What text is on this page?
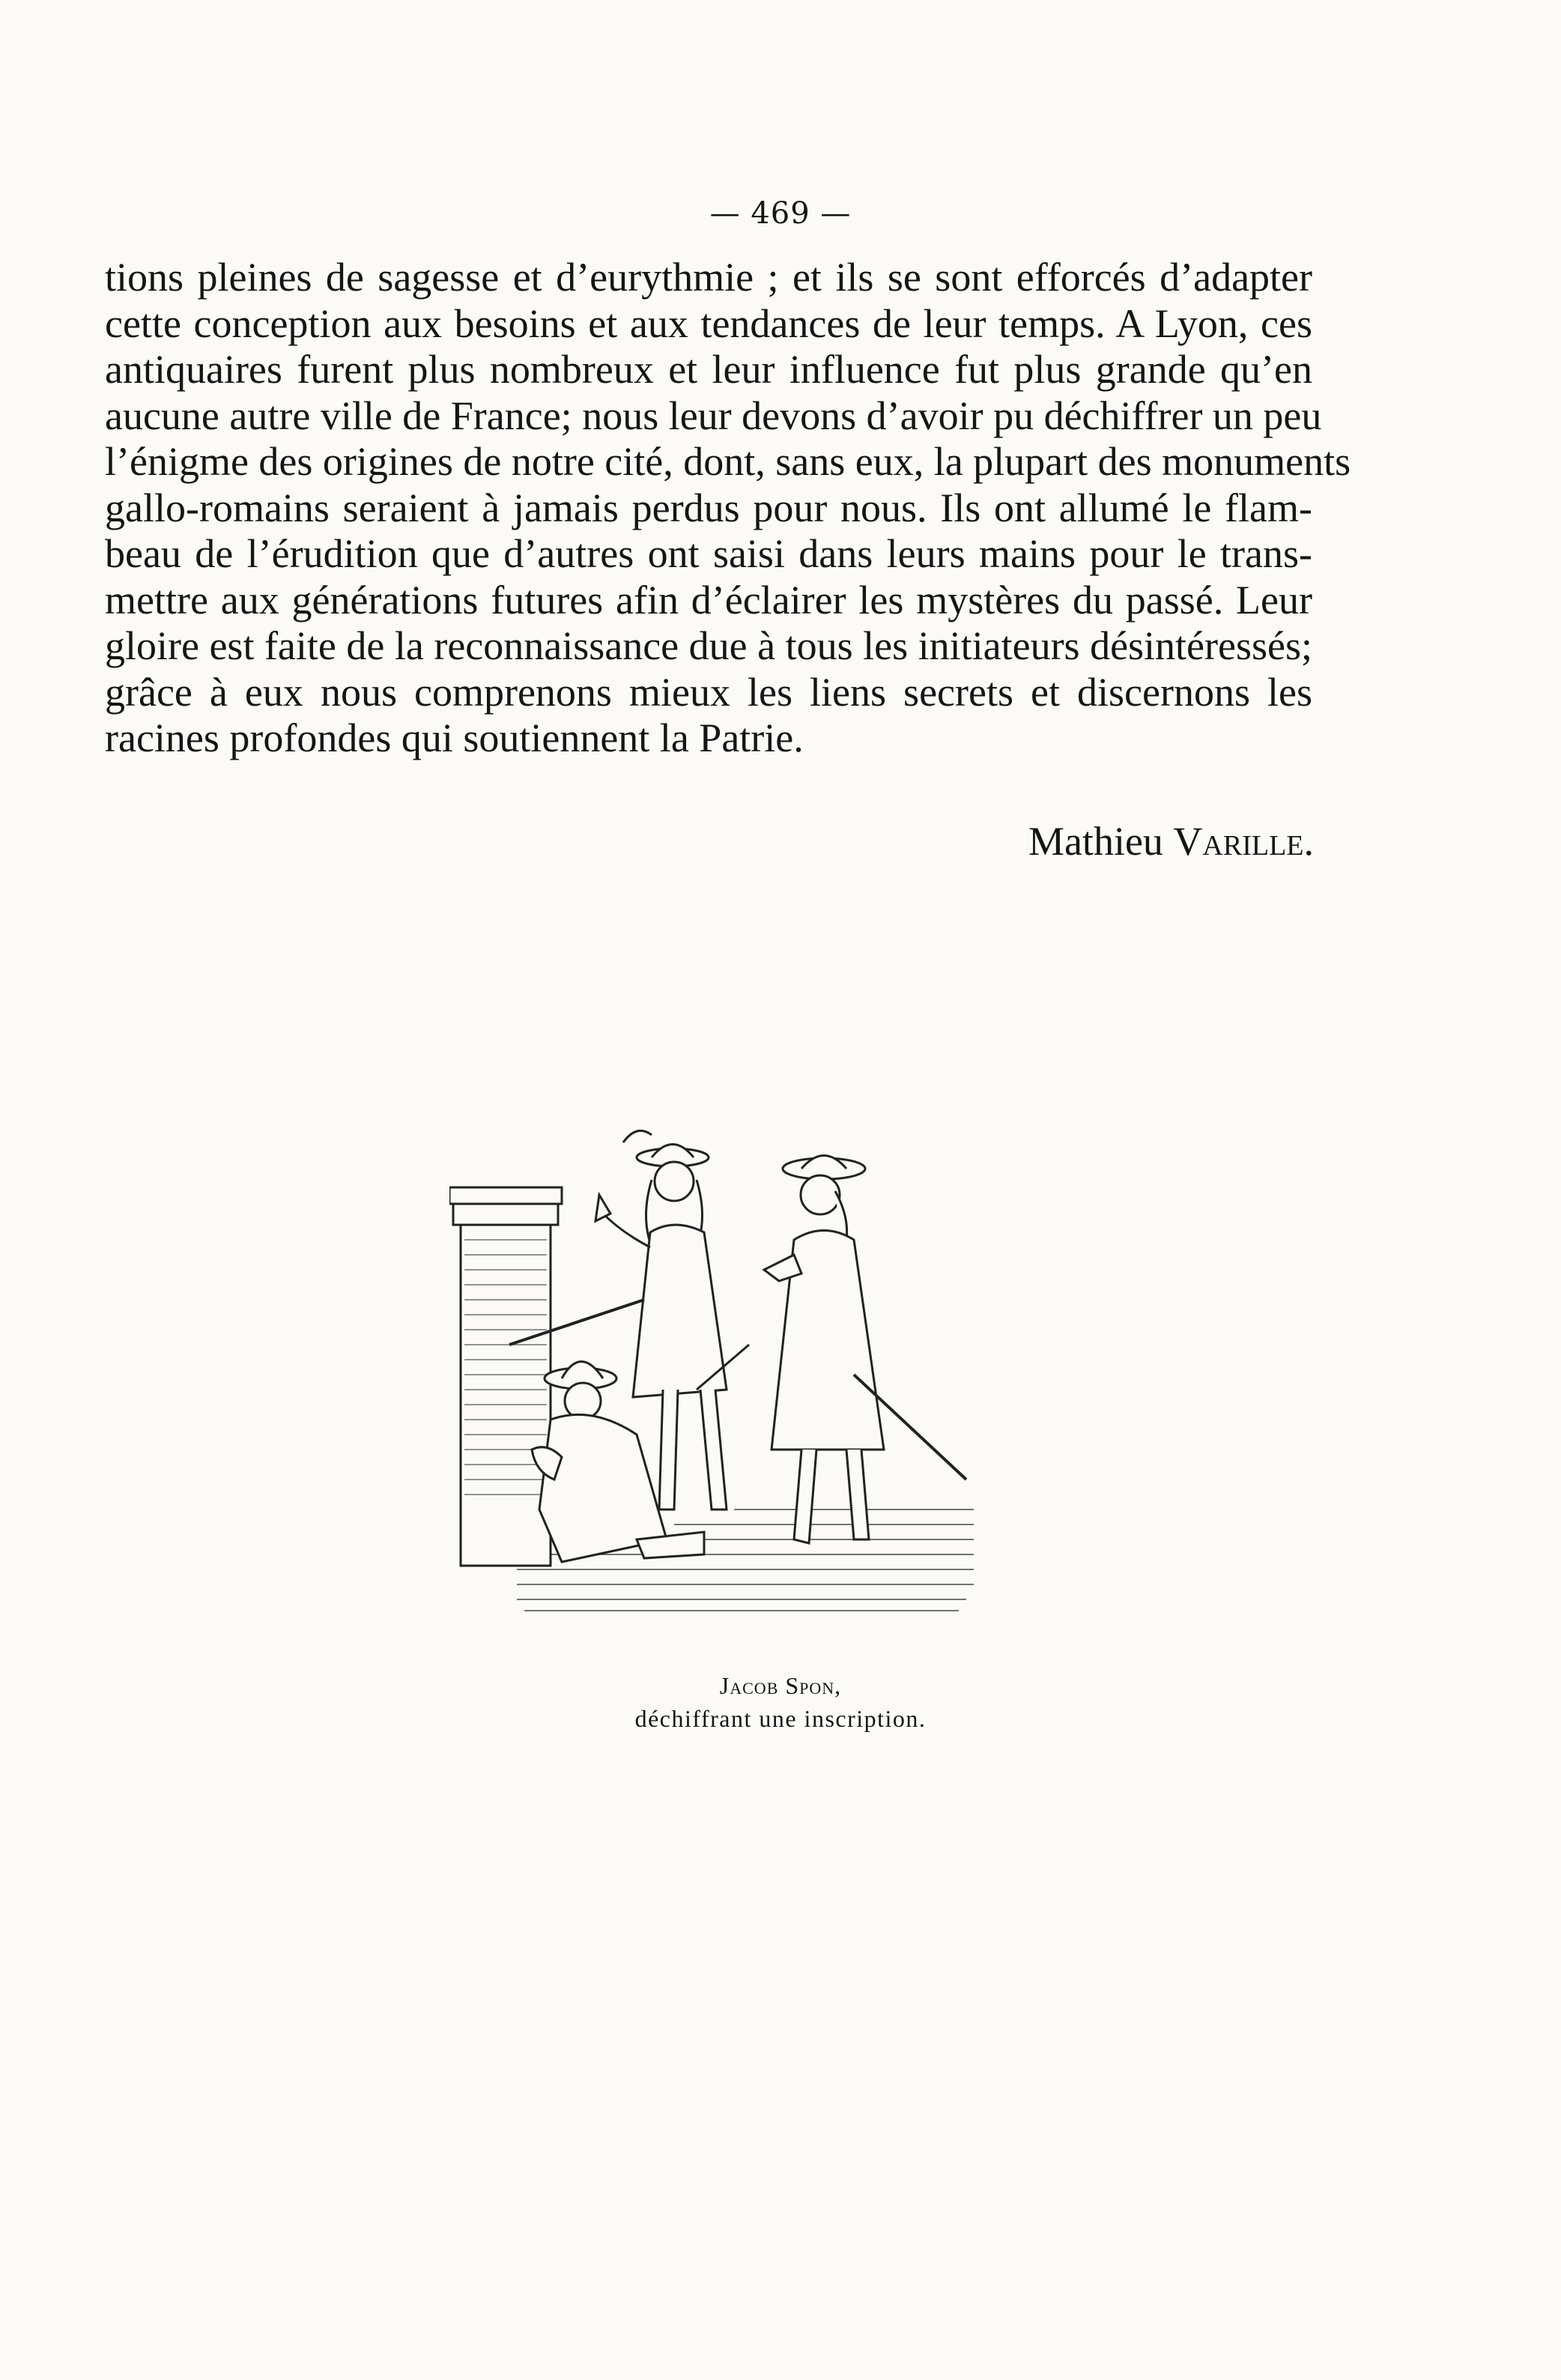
— 469 —
tions pleines de sagesse et d’eurythmie ; et ils se sont efforcés d’adapter
cette conception aux besoins et aux tendances de leur temps. A Lyon, ces
antiquaires furent plus nombreux et leur influence fut plus grande qu’en
aucune autre ville de France; nous leur devons d’avoir pu déchiffrer un peu
l’énigme des origines de notre cité, dont, sans eux, la plupart des monuments
gallo-romains seraient à jamais perdus pour nous. Ils ont allumé le flam-
beau de l’érudition que d’autres ont saisi dans leurs mains pour le trans-
mettre aux générations futures afin d’éclairer les mystères du passé. Leur
gloire est faite de la reconnaissance due à tous les initiateurs désintéressés;
grâce à eux nous comprenons mieux les liens secrets et discernons les
racines profondes qui soutiennent la Patrie.
Mathieu Varille.
Jacob Spon,
déchiffrant une inscription.
